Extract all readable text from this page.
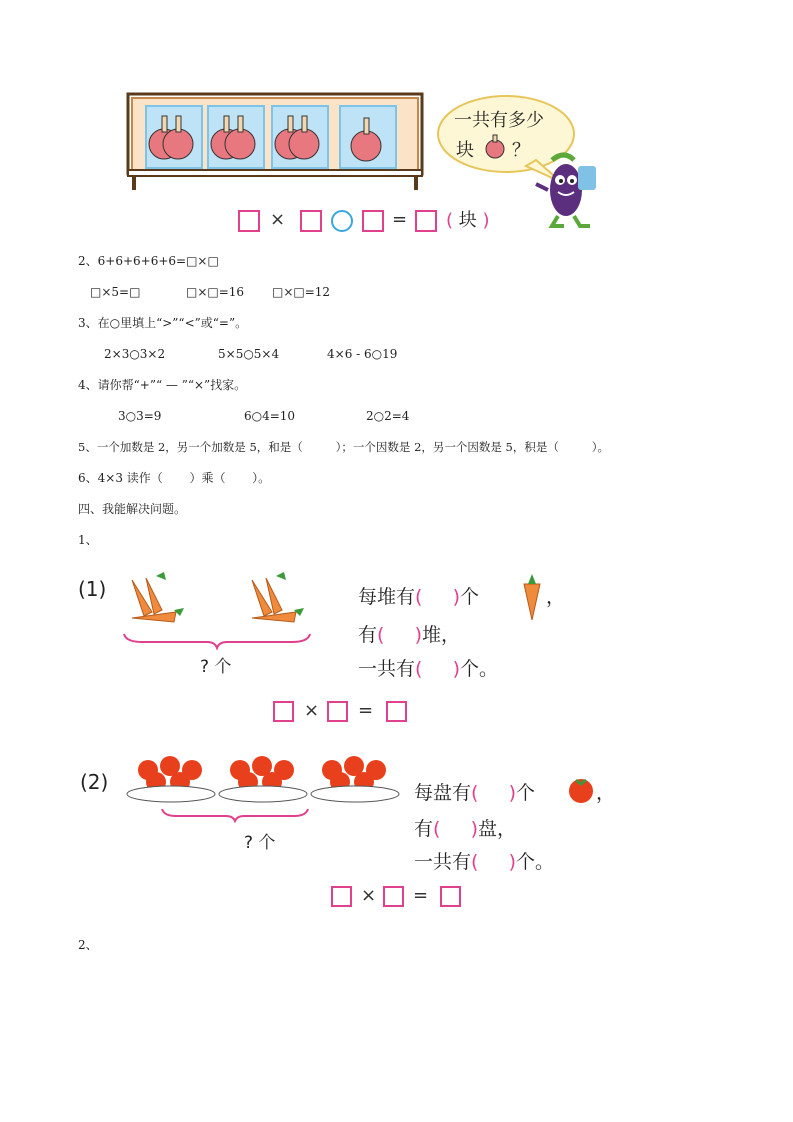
一共有多少
块 ？
×	= ( 块 )
2、6+6+6+6+6=□×□
□×5=□	□×□=16 □×□=12
3、在○里填上“>”“<”或“=”。
2×3○3×2	5×5○5×4	4×6 - 6○19
4、请你帮“+”“ — ”“×”找家。
3○3=9	6○4=10	2○2=4
5、一个加数是 2，另一个加数是 5，和是（         ）；一个因数是 2，另一个因数是 5，积是（         ）。
6、4×3 读作（       ）乘（       ）。
四、我能解决问题。
1、
(1)
? 个
每堆有(     )个	，
有(     )堆，
一共有(     )个。
× =
(2)
? 个
每盘有(     )个	，
有(     )盘，
一共有(     )个。
× =
2、
